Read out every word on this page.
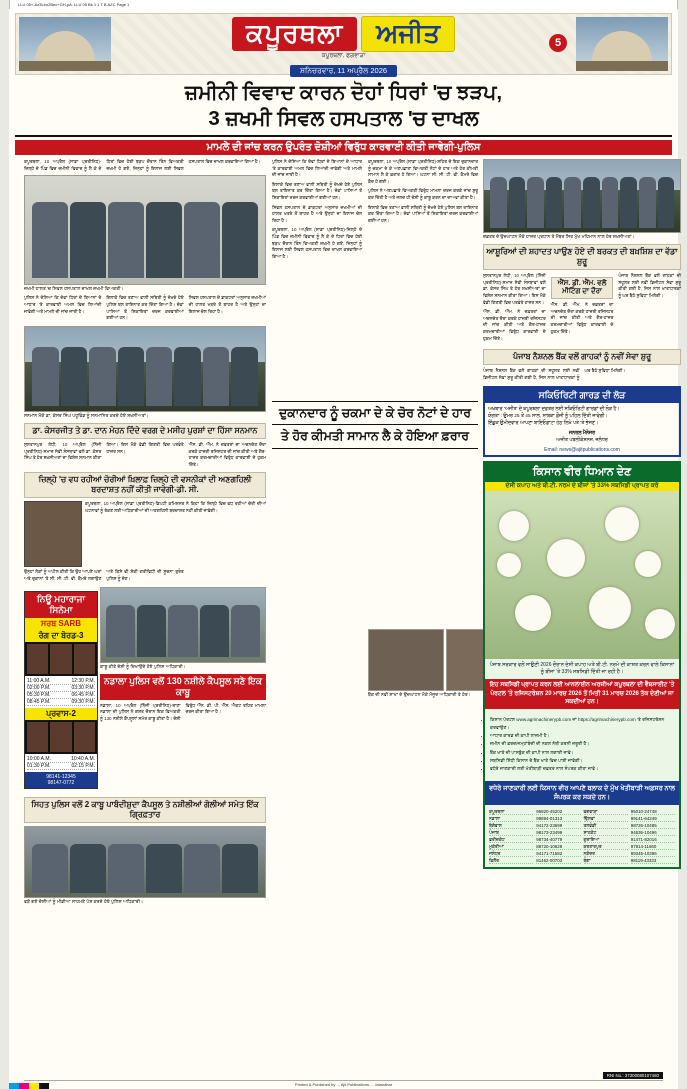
LLU 05+-Az3Leu2Bec+GH-pA. LLU 05 Bk 1 1 T B AZC Page 1
ਕਪੂਰਥਲਾ ਅਜੀਤ
ਕਪੂਰਥਲਾ, ਫਗਵਾੜਾ
ਸ਼ਨਿਚਰਵਾਰ, 11 ਅਪ੍ਰੈਲ 2026
5
ਜ਼ਮੀਨੀ ਵਿਵਾਦ ਕਾਰਨ ਦੋਹਾਂ ਧਿਰਾਂ 'ਚ ਝੜਪ,
3 ਜ਼ਖਮੀ ਸਿਵਲ ਹਸਪਤਾਲ 'ਚ ਦਾਖਲ
ਮਾਮਲੇ ਦੀ ਜਾਂਚ ਕਰਨ ਉਪਰੰਤ ਦੋਸ਼ੀਆਂ ਵਿਰੁੱਧ ਕਾਰਵਾਈ ਕੀਤੀ ਜਾਵੇਗੀ-ਪੁਲਿਸ

ਕਪੂਰਥਲਾ, 10 ਅਪ੍ਰੈਲ (ਸਾਡਾ ਪ੍ਰਤੀਨਿਧ)-ਜ਼ਿਲ੍ਹੇ ਦੇ ਪਿੰਡ ਵਿਚ ਜ਼ਮੀਨੀ ਵਿਵਾਦ ਨੂੰ ਲੈ ਕੇ ਦੋ ਧਿਰਾਂ ਵਿਚ ਹੋਈ ਝੜਪ ਦੌਰਾਨ ਤਿੰਨ ਵਿਅਕਤੀ ਜ਼ਖਮੀ ਹੋ ਗਏ, ਜਿਨ੍ਹਾਂ ਨੂੰ ਇਲਾਜ ਲਈ ਸਿਵਲ ਹਸਪਤਾਲ ਵਿਚ ਦਾਖਲ ਕਰਵਾਇਆ ਗਿਆ ਹੈ।

ਜ਼ਖਮੀ ਹਾਲਤ 'ਚ ਸਿਵਲ ਹਸਪਤਾਲ ਦਾਖਲ ਜ਼ਖਮੀ ਵਿਅਕਤੀ।

ਪੁਲਿਸ ਨੇ ਦੱਸਿਆ ਕਿ ਦੋਵਾਂ ਧਿਰਾਂ ਦੇ ਬਿਆਨਾਂ ਦੇ ਆਧਾਰ 'ਤੇ ਕਾਰਵਾਈ ਅਮਲ ਵਿਚ ਲਿਆਂਦੀ ਜਾਵੇਗੀ ਅਤੇ ਮਾਮਲੇ ਦੀ ਜਾਂਚ ਜਾਰੀ ਹੈ।

ਇਲਾਕੇ ਵਿਚ ਤਣਾਅ ਵਾਲੀ ਸਥਿਤੀ ਨੂੰ ਦੇਖਦੇ ਹੋਏ ਪੁਲਿਸ ਬਲ ਤਾਇਨਾਤ ਕਰ ਦਿੱਤਾ ਗਿਆ ਹੈ। ਦੋਵਾਂ ਪਾਸਿਆਂ ਤੋਂ ਸ਼ਿਕਾਇਤਾਂ ਦਰਜ ਕਰਵਾਈਆਂ ਗਈਆਂ ਹਨ।

ਸਿਵਲ ਹਸਪਤਾਲ ਦੇ ਡਾਕਟਰਾਂ ਅਨੁਸਾਰ ਜ਼ਖਮੀਆਂ ਦੀ ਹਾਲਤ ਖਤਰੇ ਤੋਂ ਬਾਹਰ ਹੈ ਅਤੇ ਉਨ੍ਹਾਂ ਦਾ ਇਲਾਜ ਚੱਲ ਰਿਹਾ ਹੈ।

ਸਨਮਾਨ ਮੌਕੇ ਡਾ. ਕੇਸਰ ਸਿੰਘ ਪਹੂਵਿੰਡ ਨੂੰ ਸਨਮਾਨਿਤ ਕਰਦੇ ਹੋਏ ਸ਼ਖ਼ਸੀਅਤਾਂ।
ਡਾ. ਕੇਸਰਜੀਤ ਤੇ ਡਾ. ਦਾਨ ਮੋਹਨ ਦਿੰਦੇ ਵਰਗ ਦੇ ਮਸੀਹ ਪੁਰਸ਼ਾਂ ਦਾ ਹਿੱਸਾ ਸਨਮਾਨ

ਸੁਲਤਾਨਪੁਰ ਲੋਧੀ, 10 ਅਪ੍ਰੈਲ (ਨਿੱਜੀ ਪ੍ਰਤੀਨਿਧ)-ਸਮਾਜ ਸੇਵੀ ਸੰਸਥਾਵਾਂ ਵਲੋਂ ਡਾ. ਕੇਸਰ ਸਿੰਘ ਤੇ ਹੋਰ ਸ਼ਖ਼ਸੀਅਤਾਂ ਦਾ ਵਿਸ਼ੇਸ਼ ਸਨਮਾਨ ਕੀਤਾ ਗਿਆ। ਇਸ ਮੌਕੇ ਵੱਡੀ ਗਿਣਤੀ ਵਿਚ ਪਤਵੰਤੇ ਹਾਜ਼ਰ ਸਨ।

ਐੱਸ. ਡੀ. ਐੱਮ. ਨੇ ਦਫ਼ਤਰਾਂ ਦਾ ਅਚਨਚੇਤ ਦੌਰਾ ਕਰਕੇ ਹਾਜ਼ਰੀ ਰਜਿਸਟਰ ਦੀ ਜਾਂਚ ਕੀਤੀ ਅਤੇ ਗੈਰ-ਹਾਜ਼ਰ ਕਰਮਚਾਰੀਆਂ ਵਿਰੁੱਧ ਕਾਰਵਾਈ ਦੇ ਹੁਕਮ ਦਿੱਤੇ।

ਜ਼ਿਲ੍ਹੇ 'ਚ ਵਧ ਰਹੀਆਂ ਚੋਰੀਆਂ ਖ਼ਿਲਾਫ਼ ਜ਼ਿਲ੍ਹੇ ਦੀ ਵਸਨੀਕਾਂ ਦੀ ਅਣਗਹਿਲੀ ਬਰਦਾਸ਼ਤ ਨਹੀਂ ਕੀਤੀ ਜਾਵੇਗੀ-ਡੀ. ਸੀ.
ਕਪੂਰਥਲਾ, 10 ਅਪ੍ਰੈਲ (ਸਾਡਾ ਪ੍ਰਤੀਨਿਧ)-ਡਿਪਟੀ ਕਮਿਸ਼ਨਰ ਨੇ ਕਿਹਾ ਕਿ ਜ਼ਿਲ੍ਹੇ ਵਿਚ ਵਧ ਰਹੀਆਂ ਚੋਰੀ ਦੀਆਂ ਘਟਨਾਵਾਂ ਨੂੰ ਰੋਕਣ ਲਈ ਅਧਿਕਾਰੀਆਂ ਦੀ ਅਣਗਹਿਲੀ ਬਰਦਾਸ਼ਤ ਨਹੀਂ ਕੀਤੀ ਜਾਵੇਗੀ।

ਉਨ੍ਹਾਂ ਲੋਕਾਂ ਨੂੰ ਅਪੀਲ ਕੀਤੀ ਕਿ ਉਹ ਆਪਣੇ ਘਰਾਂ ਅਤੇ ਦੁਕਾਨਾਂ 'ਤੇ ਸੀ. ਸੀ. ਟੀ. ਵੀ. ਕੈਮਰੇ ਲਗਾਉਣ ਅਤੇ ਕਿਸੇ ਵੀ ਸ਼ੱਕੀ ਗਤੀਵਿਧੀ ਦੀ ਸੂਚਨਾ ਤੁਰੰਤ ਪੁਲਿਸ ਨੂੰ ਦੇਣ।

ਨਿਊ ਮਹਾਰਾਜਾ ਸਿਨੇਮਾ
ਸਰਬ SARB
ਰੰਗ ਦਾ ਬੋਰਡ-3
11:00 A.M.	12:30 P.M.
02:00 P.M.	03:30 P.M.
05:30 P.M.	06:45 P.M.
08:45 P.M.	09:30 P.M.
ਪ੍ਰਵਾਸ-2
10:00 A.M.	10:40 A.M.
01:30 P.M.	02:15 P.M.
98141-12345
98147-0772
ਕਾਬੂ ਕੀਤੇ ਦੋਸ਼ੀ ਨੂੰ ਦਿਖਾਉਂਦੇ ਹੋਏ ਪੁਲਿਸ ਅਧਿਕਾਰੀ।
ਨਡਾਲਾ ਪੁਲਿਸ ਵਲੋਂ 130 ਨਸ਼ੀਲੇ ਕੈਪਸੂਲ ਸਣੇ ਇਕ ਕਾਬੂ

ਨਡਾਲਾ, 10 ਅਪ੍ਰੈਲ (ਨਿੱਜੀ ਪ੍ਰਤੀਨਿਧ)-ਥਾਣਾ ਨਡਾਲਾ ਦੀ ਪੁਲਿਸ ਨੇ ਗਸ਼ਤ ਦੌਰਾਨ ਇਕ ਵਿਅਕਤੀ ਨੂੰ 130 ਨਸ਼ੀਲੇ ਕੈਪਸੂਲਾਂ ਸਮੇਤ ਕਾਬੂ ਕੀਤਾ ਹੈ। ਦੋਸ਼ੀ ਵਿਰੁੱਧ ਐੱਨ. ਡੀ. ਪੀ. ਐੱਸ. ਐਕਟ ਤਹਿਤ ਮਾਮਲਾ ਦਰਜ ਕੀਤਾ ਗਿਆ ਹੈ।

ਸਿਹਤ ਪੁਲਿਸ ਵਲੋਂ 2 ਕਾਬੂ ਪਾਬੰਦੀਸ਼ੁਦਾ ਕੈਪਸੂਲ ਤੇ ਨਸ਼ੀਲੀਆਂ ਗੋਲੀਆਂ ਸਮੇਤ ਇੱਕ ਗ੍ਰਿਫ਼ਤਾਰ
ਫੜੇ ਗਏ ਦੋਸ਼ੀਆਂ ਨੂੰ ਮੀਡੀਆ ਸਾਹਮਣੇ ਪੇਸ਼ ਕਰਦੇ ਹੋਏ ਪੁਲਿਸ ਅਧਿਕਾਰੀ।

ਪੁਲਿਸ ਨੇ ਦੱਸਿਆ ਕਿ ਦੋਵਾਂ ਧਿਰਾਂ ਦੇ ਬਿਆਨਾਂ ਦੇ ਆਧਾਰ 'ਤੇ ਕਾਰਵਾਈ ਅਮਲ ਵਿਚ ਲਿਆਂਦੀ ਜਾਵੇਗੀ ਅਤੇ ਮਾਮਲੇ ਦੀ ਜਾਂਚ ਜਾਰੀ ਹੈ।

ਇਲਾਕੇ ਵਿਚ ਤਣਾਅ ਵਾਲੀ ਸਥਿਤੀ ਨੂੰ ਦੇਖਦੇ ਹੋਏ ਪੁਲਿਸ ਬਲ ਤਾਇਨਾਤ ਕਰ ਦਿੱਤਾ ਗਿਆ ਹੈ। ਦੋਵਾਂ ਪਾਸਿਆਂ ਤੋਂ ਸ਼ਿਕਾਇਤਾਂ ਦਰਜ ਕਰਵਾਈਆਂ ਗਈਆਂ ਹਨ।

ਸਿਵਲ ਹਸਪਤਾਲ ਦੇ ਡਾਕਟਰਾਂ ਅਨੁਸਾਰ ਜ਼ਖਮੀਆਂ ਦੀ ਹਾਲਤ ਖਤਰੇ ਤੋਂ ਬਾਹਰ ਹੈ ਅਤੇ ਉਨ੍ਹਾਂ ਦਾ ਇਲਾਜ ਚੱਲ ਰਿਹਾ ਹੈ।

ਕਪੂਰਥਲਾ, 10 ਅਪ੍ਰੈਲ (ਸਾਡਾ ਪ੍ਰਤੀਨਿਧ)-ਜ਼ਿਲ੍ਹੇ ਦੇ ਪਿੰਡ ਵਿਚ ਜ਼ਮੀਨੀ ਵਿਵਾਦ ਨੂੰ ਲੈ ਕੇ ਦੋ ਧਿਰਾਂ ਵਿਚ ਹੋਈ ਝੜਪ ਦੌਰਾਨ ਤਿੰਨ ਵਿਅਕਤੀ ਜ਼ਖਮੀ ਹੋ ਗਏ, ਜਿਨ੍ਹਾਂ ਨੂੰ ਇਲਾਜ ਲਈ ਸਿਵਲ ਹਸਪਤਾਲ ਵਿਚ ਦਾਖਲ ਕਰਵਾਇਆ ਗਿਆ ਹੈ।

ਕਪੂਰਥਲਾ, 10 ਅਪ੍ਰੈਲ (ਸਾਡਾ ਪ੍ਰਤੀਨਿਧ)-ਸ਼ਹਿਰ ਦੇ ਇਕ ਦੁਕਾਨਦਾਰ ਨੂੰ ਚਕਮਾ ਦੇ ਕੇ ਅਣਪਛਾਤਾ ਵਿਅਕਤੀ ਨੋਟਾਂ ਦੇ ਹਾਰ ਅਤੇ ਹੋਰ ਕੀਮਤੀ ਸਾਮਾਨ ਲੈ ਕੇ ਫ਼ਰਾਰ ਹੋ ਗਿਆ। ਘਟਨਾ ਸੀ. ਸੀ. ਟੀ. ਵੀ. ਕੈਮਰੇ ਵਿਚ ਕੈਦ ਹੋ ਗਈ।

ਪੁਲਿਸ ਨੇ ਅਣਪਛਾਤੇ ਵਿਅਕਤੀ ਵਿਰੁੱਧ ਮਾਮਲਾ ਦਰਜ ਕਰਕੇ ਜਾਂਚ ਸ਼ੁਰੂ ਕਰ ਦਿੱਤੀ ਹੈ ਅਤੇ ਜਲਦ ਹੀ ਦੋਸ਼ੀ ਨੂੰ ਕਾਬੂ ਕਰਨ ਦਾ ਦਾਅਵਾ ਕੀਤਾ ਹੈ।

ਇਲਾਕੇ ਵਿਚ ਤਣਾਅ ਵਾਲੀ ਸਥਿਤੀ ਨੂੰ ਦੇਖਦੇ ਹੋਏ ਪੁਲਿਸ ਬਲ ਤਾਇਨਾਤ ਕਰ ਦਿੱਤਾ ਗਿਆ ਹੈ। ਦੋਵਾਂ ਪਾਸਿਆਂ ਤੋਂ ਸ਼ਿਕਾਇਤਾਂ ਦਰਜ ਕਰਵਾਈਆਂ ਗਈਆਂ ਹਨ।

ਦੁਕਾਨਦਾਰ ਨੂੰ ਚਕਮਾ ਦੇ ਕੇ ਚੋਰ ਨੋਟਾਂ ਦੇ ਹਾਰ
ਤੇ ਹੋਰ ਕੀਮਤੀ ਸਾਮਾਨ ਲੈ ਕੇ ਹੋਇਆ ਫ਼ਰਾਰ
ਬੈਂਕ ਦੀ ਨਵੀਂ ਸ਼ਾਖਾ ਦੇ ਉਦਘਾਟਨ ਮੌਕੇ ਮੌਜੂਦ ਅਧਿਕਾਰੀ ਤੇ ਹੋਰ।
ਦਫ਼ਤਰ ਦੇ ਉਦਘਾਟਨ ਮੌਕੇ ਹਾਜ਼ਰ ਪ੍ਰਧਾਨ ਤੇ ਮੈਂਬਰ ਸਿਰ ਮੁੱਖ ਮਹਿਮਾਨ ਨਾਲ ਹੋਰ ਸ਼ਖ਼ਸੀਅਤਾਂ।
ਆਸ਼ੂਰਿਆਂ ਦੀ ਸ਼ਹਾਦਤ ਪਾਉਣ ਹੋਏ ਦੀ ਬਰਕਤ ਦੀ ਬਖ਼ਸ਼ਿਸ਼ ਦਾ ਵੱਡਾ ਸ਼ੁਰੂ

ਸੁਲਤਾਨਪੁਰ ਲੋਧੀ, 10 ਅਪ੍ਰੈਲ (ਨਿੱਜੀ ਪ੍ਰਤੀਨਿਧ)-ਸਮਾਜ ਸੇਵੀ ਸੰਸਥਾਵਾਂ ਵਲੋਂ ਡਾ. ਕੇਸਰ ਸਿੰਘ ਤੇ ਹੋਰ ਸ਼ਖ਼ਸੀਅਤਾਂ ਦਾ ਵਿਸ਼ੇਸ਼ ਸਨਮਾਨ ਕੀਤਾ ਗਿਆ। ਇਸ ਮੌਕੇ ਵੱਡੀ ਗਿਣਤੀ ਵਿਚ ਪਤਵੰਤੇ ਹਾਜ਼ਰ ਸਨ।

ਐੱਸ. ਡੀ. ਐੱਮ. ਨੇ ਦਫ਼ਤਰਾਂ ਦਾ ਅਚਨਚੇਤ ਦੌਰਾ ਕਰਕੇ ਹਾਜ਼ਰੀ ਰਜਿਸਟਰ ਦੀ ਜਾਂਚ ਕੀਤੀ ਅਤੇ ਗੈਰ-ਹਾਜ਼ਰ ਕਰਮਚਾਰੀਆਂ ਵਿਰੁੱਧ ਕਾਰਵਾਈ ਦੇ ਹੁਕਮ ਦਿੱਤੇ।

ਐੱਸ. ਡੀ. ਐੱਮ. ਵਲੋਂ ਮੀਟਿੰਗ ਦਾ ਦੌਰਾ
ਐੱਸ. ਡੀ. ਐੱਮ. ਨੇ ਦਫ਼ਤਰਾਂ ਦਾ ਅਚਨਚੇਤ ਦੌਰਾ ਕਰਕੇ ਹਾਜ਼ਰੀ ਰਜਿਸਟਰ ਦੀ ਜਾਂਚ ਕੀਤੀ ਅਤੇ ਗੈਰ-ਹਾਜ਼ਰ ਕਰਮਚਾਰੀਆਂ ਵਿਰੁੱਧ ਕਾਰਵਾਈ ਦੇ ਹੁਕਮ ਦਿੱਤੇ।

ਪੰਜਾਬ ਨੈਸ਼ਨਲ ਬੈਂਕ ਵਲੋਂ ਗਾਹਕਾਂ ਦੀ ਸਹੂਲਤ ਲਈ ਨਵੀਂ ਡਿਜੀਟਲ ਸੇਵਾ ਸ਼ੁਰੂ ਕੀਤੀ ਗਈ ਹੈ, ਜਿਸ ਨਾਲ ਖਾਤਾਧਾਰਕਾਂ ਨੂੰ ਘਰ ਬੈਠੇ ਸੁਵਿਧਾ ਮਿਲੇਗੀ।

ਪੰਜਾਬ ਨੈਸ਼ਨਲ ਬੈਂਕ ਵਲੋਂ ਗਾਹਕਾਂ ਨੂੰ ਨਵੀਂ ਸੇਵਾ ਸ਼ੁਰੂ

ਪੰਜਾਬ ਨੈਸ਼ਨਲ ਬੈਂਕ ਵਲੋਂ ਗਾਹਕਾਂ ਦੀ ਸਹੂਲਤ ਲਈ ਨਵੀਂ ਡਿਜੀਟਲ ਸੇਵਾ ਸ਼ੁਰੂ ਕੀਤੀ ਗਈ ਹੈ, ਜਿਸ ਨਾਲ ਖਾਤਾਧਾਰਕਾਂ ਨੂੰ ਘਰ ਬੈਠੇ ਸੁਵਿਧਾ ਮਿਲੇਗੀ।

ਸਕਿਓਰਿਟੀ ਗਾਰਡ ਦੀ ਲੋੜ
ਅਖ਼ਬਾਰ 'ਅਜੀਤ' ਦੇ ਕਪੂਰਥਲਾ ਦਫ਼ਤਰ ਲਈ ਸਕਿਓਰਿਟੀ ਗਾਰਡਾਂ ਦੀ ਲੋੜ ਹੈ।
ਯੋਗਤਾ : ਉਮਰ 25 ਤੋਂ 45 ਸਾਲ, ਸਾਬਕਾ ਫ਼ੌਜੀ ਨੂੰ ਪਹਿਲ ਦਿੱਤੀ ਜਾਵੇਗੀ।
ਇੱਛੁਕ ਉਮੀਦਵਾਰ ਆਪਣਾ ਬਾਇਓਡਾਟਾ ਹੇਠ ਲਿਖੇ ਪਤੇ 'ਤੇ ਭੇਜਣ।
ਜਨਰਲ ਮੈਨੇਜਰ
ਅਜੀਤ ਪਬਲੀਕੇਸ਼ਨਜ਼, ਜਲੰਧਰ
Email: news@ajitpublications.com
ਕਿਸਾਨ ਵੀਰ ਧਿਆਨ ਦੇਣ
ਦੇਸੀ ਕਪਾਹ ਅਤੇ ਬੀ.ਟੀ. ਨਰਮੇ ਦੇ ਬੀਜਾਂ 'ਤੇ 33% ਸਬਸਿਡੀ ਪ੍ਰਾਪਤ ਕਰੋ
ਪੰਜਾਬ ਸਰਕਾਰ ਵਲੋਂ ਸਾਉਣੀ 2026 ਦੌਰਾਨ ਦੇਸੀ ਕਪਾਹ ਅਤੇ ਬੀ.ਟੀ. ਨਰਮੇ ਦੀ ਕਾਸ਼ਤ ਕਰਨ ਵਾਲੇ ਕਿਸਾਨਾਂ ਨੂੰ ਬੀਜਾਂ 'ਤੇ 33% ਸਬਸਿਡੀ ਦਿੱਤੀ ਜਾ ਰਹੀ ਹੈ।
ਇਹ ਸਬਸਿਡੀ ਪ੍ਰਾਪਤ ਕਰਨ ਲਈ ਆਨਲਾਈਨ ਅਰਜ਼ੀਆਂ ਕਪੂਰਥਲਾ ਦੀ ਵੈੱਬਸਾਈਟ 'ਤੇ ਪੋਰਟਲ 'ਤੇ ਰਜਿਸਟਰੇਸ਼ਨ 20 ਮਾਰਚ 2026 ਤੋਂ ਮਿਤੀ 31 ਮਾਰਚ 2026 ਤੱਕ ਦੇਣੀਆਂ ਜਾ ਸਕਦੀਆਂ ਹਨ।
• ਕਿਸਾਨ ਪੋਰਟਲ www.agrimachinerypb.com ਜਾਂ https://agrimachinerypb.com 'ਤੇ ਰਜਿਸਟਰੇਸ਼ਨ ਕਰਵਾਉਣ।
• ਆਧਾਰ ਕਾਰਡ ਦੀ ਕਾਪੀ ਲਾਜ਼ਮੀ ਹੈ।
• ਜ਼ਮੀਨ ਦੀ ਫ਼ਰਦ/ਜਮ੍ਹਾਂਬੰਦੀ ਦੀ ਨਕਲ ਨੱਥੀ ਕਰਨੀ ਜ਼ਰੂਰੀ ਹੈ।
• ਬੈਂਕ ਖਾਤੇ ਦੀ ਪਾਸਬੁੱਕ ਦੀ ਕਾਪੀ ਨਾਲ ਲਗਾਈ ਜਾਵੇ।
• ਸਬਸਿਡੀ ਸਿੱਧੀ ਕਿਸਾਨ ਦੇ ਬੈਂਕ ਖਾਤੇ ਵਿਚ ਪਾਈ ਜਾਵੇਗੀ।
• ਵਧੇਰੇ ਜਾਣਕਾਰੀ ਲਈ ਖੇਤੀਬਾੜੀ ਦਫ਼ਤਰ ਨਾਲ ਸੰਪਰਕ ਕੀਤਾ ਜਾਵੇ।
ਵਧੇਰੇ ਜਾਣਕਾਰੀ ਲਈ ਕਿਸਾਨ ਵੀਰ ਆਪਣੇ ਬਲਾਕ ਦੇ ਮੁੱਖ ਖੇਤੀਬਾੜੀ ਅਫ਼ਸਰ ਨਾਲ ਸੰਪਰਕ ਕਰ ਸਕਦੇ ਹਨ।
ਕਪੂਰਥਲਾ	95920-45202	ਫਗਵਾੜਾ	95010-24748
ਨਡਾਲਾ	98894-01313	ਢਿੱਲਵਾਂ	99141-64249
ਬੇਗੋਵਾਲ	94172-23699	ਤਲਵੰਡੀ	98726-10485
ਪੰਜਾਬ	98173-23499	ਸ਼ਾਹਕੋਟ	94636-10496
ਫ਼ਰੀਦਕੋਟ	98734-40779	ਗੁਰਾਇਆ	91471-82016
ਮੁਕੇਰੀਆਂ	88720-10628	ਕਰਤਾਰਪੁਰ	97814-11660
ਜਲੰਧਰ	94171-71582	ਨਕੋਦਰ	99345-10396
ਫਿਲੌਰ	81462-00703	ਬੰਗਾ	98119-43333
Printed & Published by ... Ajit Publications ... Jalandhar
RNI No.: 37300080107460
